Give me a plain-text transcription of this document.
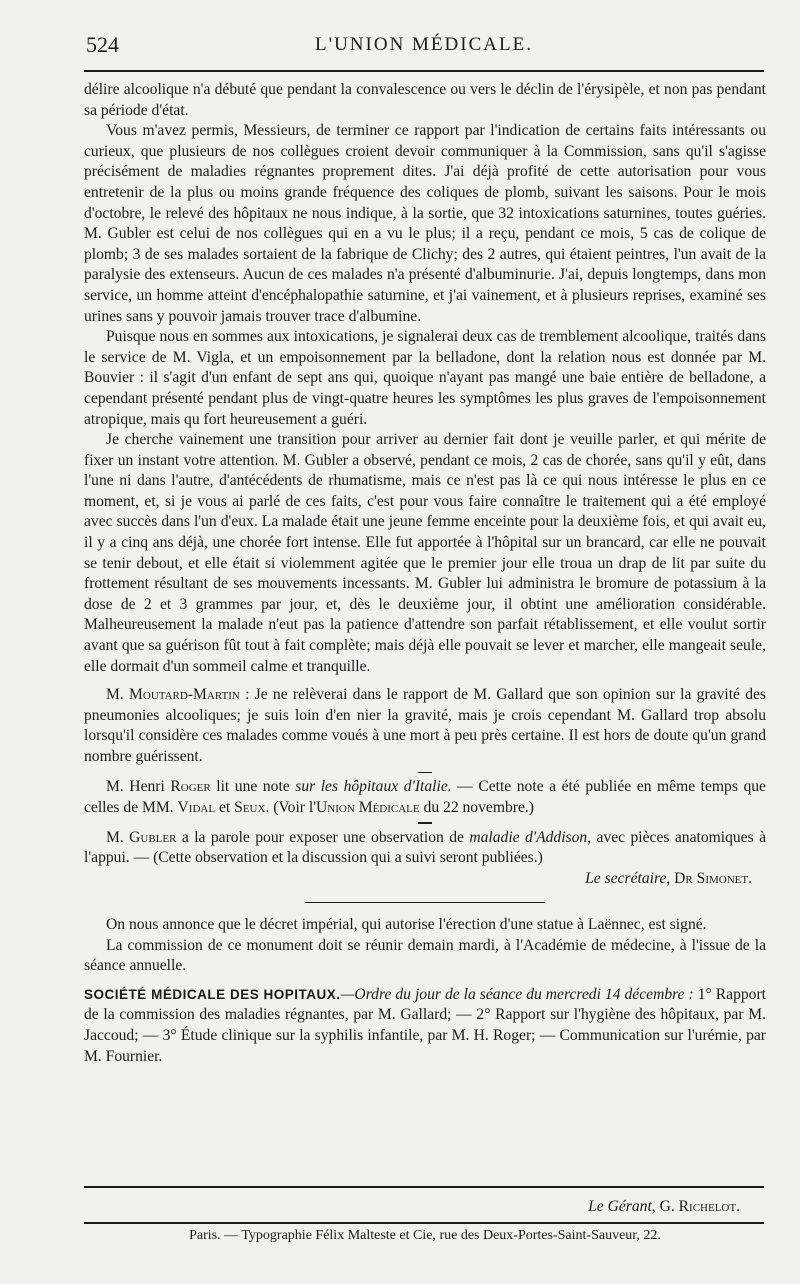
524	L'UNION MÉDICALE.

délire alcoolique n'a débuté que pendant la convalescence ou vers le déclin de l'érysipèle, et non pas pendant sa période d'état.

Vous m'avez permis, Messieurs, de terminer ce rapport par l'indication de certains faits intéressants ou curieux, que plusieurs de nos collègues croient devoir communiquer à la Commission, sans qu'il s'agisse précisément de maladies régnantes proprement dites. J'ai déjà profité de cette autorisation pour vous entretenir de la plus ou moins grande fréquence des coliques de plomb, suivant les saisons. Pour le mois d'octobre, le relevé des hôpitaux ne nous indique, à la sortie, que 32 intoxications saturnines, toutes guéries. M. Gubler est celui de nos collègues qui en a vu le plus; il a reçu, pendant ce mois, 5 cas de colique de plomb; 3 de ses malades sortaient de la fabrique de Clichy; des 2 autres, qui étaient peintres, l'un avait de la paralysie des extenseurs. Aucun de ces malades n'a présenté d'albuminurie. J'ai, depuis longtemps, dans mon service, un homme atteint d'encéphalopathie saturnine, et j'ai vainement, et à plusieurs reprises, examiné ses urines sans y pouvoir jamais trouver trace d'albumine.

Puisque nous en sommes aux intoxications, je signalerai deux cas de tremblement alcoolique, traités dans le service de M. Vigla, et un empoisonnement par la belladone, dont la relation nous est donnée par M. Bouvier : il s'agit d'un enfant de sept ans qui, quoique n'ayant pas mangé une baie entière de belladone, a cependant présenté pendant plus de vingt-quatre heures les symptômes les plus graves de l'empoisonnement atropique, mais qu fort heureusement a guéri.

Je cherche vainement une transition pour arriver au dernier fait dont je veuille parler, et qui mérite de fixer un instant votre attention. M. Gubler a observé, pendant ce mois, 2 cas de chorée, sans qu'il y eût, dans l'une ni dans l'autre, d'antécédents de rhumatisme, mais ce n'est pas là ce qui nous intéresse le plus en ce moment, et, si je vous ai parlé de ces faits, c'est pour vous faire connaître le traitement qui a été employé avec succès dans l'un d'eux. La malade était une jeune femme enceinte pour la deuxième fois, et qui avait eu, il y a cinq ans déjà, une chorée fort intense. Elle fut apportée à l'hôpital sur un brancard, car elle ne pouvait se tenir debout, et elle était si violemment agitée que le premier jour elle troua un drap de lit par suite du frottement résultant de ses mouvements incessants. M. Gubler lui administra le bromure de potassium à la dose de 2 et 3 grammes par jour, et, dès le deuxième jour, il obtint une amélioration considérable. Malheureusement la malade n'eut pas la patience d'attendre son parfait rétablissement, et elle voulut sortir avant que sa guérison fût tout à fait complète; mais déjà elle pouvait se lever et marcher, elle mangeait seule, elle dormait d'un sommeil calme et tranquille.

M. Moutard-Martin : Je ne relèverai dans le rapport de M. Gallard que son opinion sur la gravité des pneumonies alcooliques; je suis loin d'en nier la gravité, mais je crois cependant M. Gallard trop absolu lorsqu'il considère ces malades comme voués à une mort à peu près certaine. Il est hors de doute qu'un grand nombre guérissent.

M. Henri Roger lit une note sur les hôpitaux d'Italie. — Cette note a été publiée en même temps que celles de MM. Vidal et Seux. (Voir l'Union Médicale du 22 novembre.)

M. Gubler a la parole pour exposer une observation de maladie d'Addison, avec pièces anatomiques à l'appui. — (Cette observation et la discussion qui a suivi seront publiées.)

Le secrétaire, Dr Simonet.

On nous annonce que le décret impérial, qui autorise l'érection d'une statue à Laënnec, est signé.

La commission de ce monument doit se réunir demain mardi, à l'Académie de médecine, à l'issue de la séance annuelle.

SOCIÉTÉ MÉDICALE DES HOPITAUX.—Ordre du jour de la séance du mercredi 14 décembre : 1° Rapport de la commission des maladies régnantes, par M. Gallard; — 2° Rapport sur l'hygiène des hôpitaux, par M. Jaccoud; — 3° Étude clinique sur la syphilis infantile, par M. H. Roger; — Communication sur l'urémie, par M. Fournier.

Le Gérant, G. Richelot.
Paris. — Typographie Félix Malteste et Cie, rue des Deux-Portes-Saint-Sauveur, 22.
